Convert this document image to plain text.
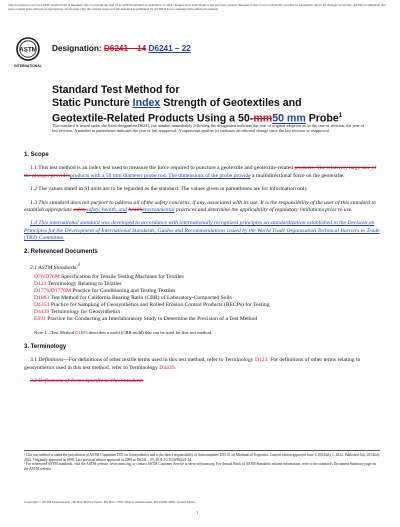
This document is not an ASTM standard and is intended only to provide the user of an ASTM standard an indication of what changes have been made to the previous version. Because it may not be technically possible to adequately depict all changes accurately, ASTM recommends that users consult prior editions as appropriate. In all cases only the current version of the standard as published by ASTM is to be considered the official document.
ASTM
INTERNATIONAL
Designation: D6241 – 14 D6241 – 22
Standard Test Method for
Static Puncture Index Strength of Geotextiles and
Geotextile-Related Products Using a 50-mm50 mm Probe$^1$
This standard is issued under the fixed designation D6241; the number immediately following the designation indicates the year of original adoption or, in the case of revision, the year of last revision. A number in parentheses indicates the year of last reapproval. A superscript epsilon (ε) indicates an editorial change since the last revision or reapproval.
1. Scope
1.1 This test method is an index test used to measure the force required to puncture a geotextile and geotextile-related products. The relatively large size of the plunger providesproducts with a 50 mm diameter probe rod. The dimensions of the probe provide a multidirectional force on the geotextile.
1.2 The values stated in SI units are to be regarded as the standard. The values given in parentheses are for information only.
1.3 This standard does not purport to address all of the safety concerns, if any, associated with its use. It is the responsibility of the user of this standard to establish appropriate safetysafety, health, and healthenvironmental practices and determine the applicability of regulatory limitations prior to use.
1.4 This international standard was developed in accordance with internationally recognized principles on standardization established in the Decision on Principles for the Development of International Standards, Guides and Recommendations issued by the World Trade Organization Technical Barriers to Trade (TBT) Committee.
2. Referenced Documents
2.1 ASTM Standards:$^2$
D76/D76M Specification for Tensile Testing Machines for Textiles
D123 Terminology Relating to Textiles
D1776/D1776M Practice for Conditioning and Testing Textiles
D1883 Test Method for California Bearing Ratio (CBR) of Laboratory-Compacted Soils
D4354 Practice for Sampling of Geosynthetics and Rolled Erosion Control Products (RECPs) for Testing
D4439 Terminology for Geosynthetics
E691 Practice for Conducting an Interlaboratory Study to Determine the Precision of a Test Method
Note 1—Test Method D1883 describes a mold (CBR mold) that can be used for this test method.
3. Terminology
3.1 Definitions—For definitions of other textile terms used in this test method, refer to Terminology D123. For definitions of other terms relating to geosynthetics used in this test method, refer to Terminology D4439.
3.2 Definitions of Terms Specific to This Standard:
¹ This test method is under the jurisdiction of ASTM Committee D35 on Geosynthetics and is the direct responsibility of Subcommittee D35.01 on Mechanical Properties. Current edition approved June 1, 2014July 1, 2022. Published July 2014July 2022. Originally approved in 1998. Last previous edition approved in 2009 as D6241 – 09. DOI: 10.1520/D6241-14.
² For referenced ASTM standards, visit the ASTM website, www.astm.org, or contact ASTM Customer Service at service@astm.org. For Annual Book of ASTM Standards volume information, refer to the standard's Document Summary page on the ASTM website.
Copyright © ASTM International, 100 Barr Harbor Drive, PO Box C700, West Conshohocken, PA 19428-2959. United States
1
